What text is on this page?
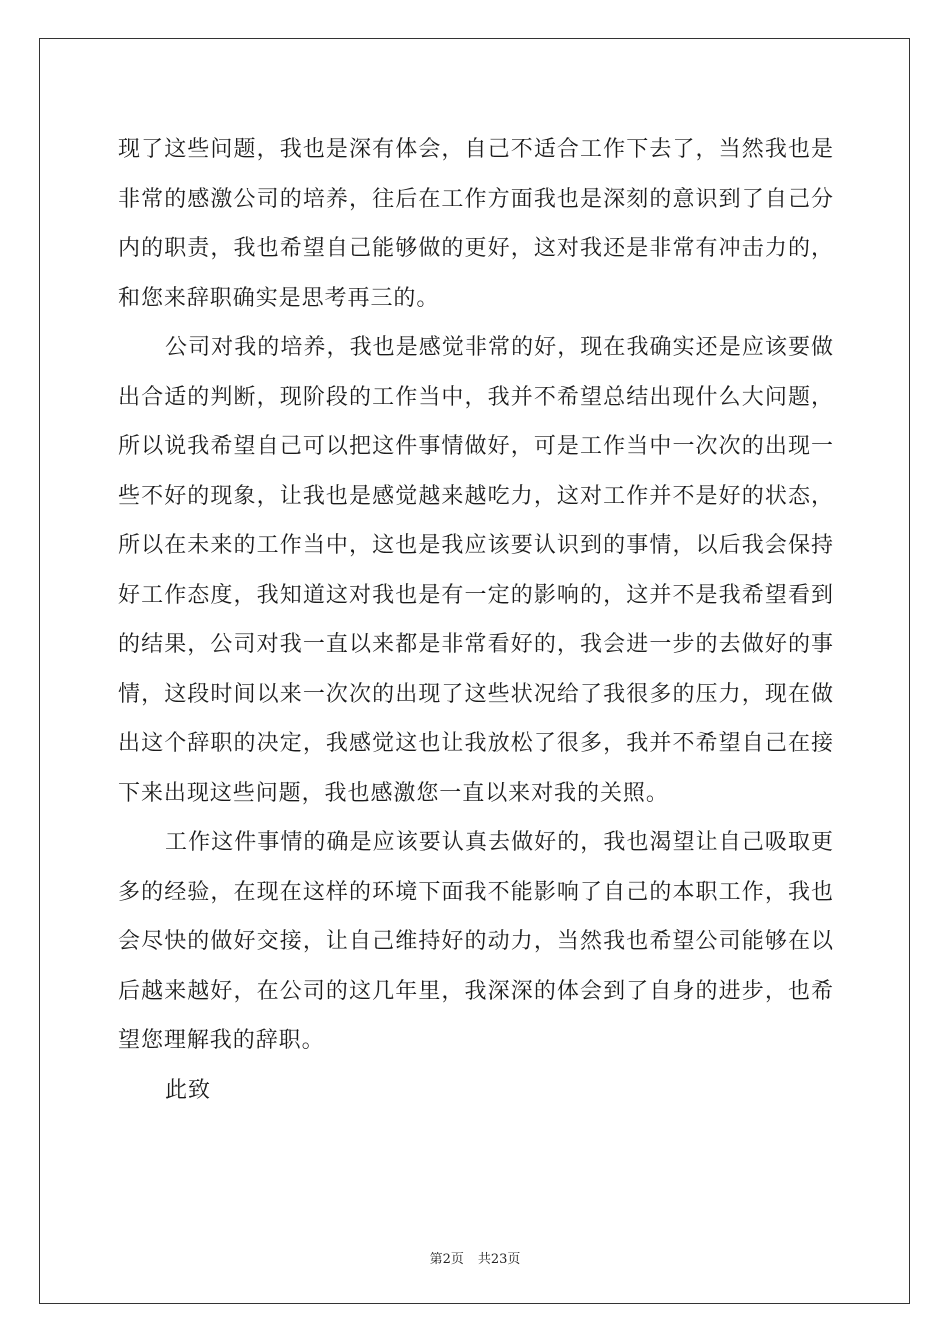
现了这些问题，我也是深有体会，自己不适合工作下去了，当然我也是非常的感激公司的培养，往后在工作方面我也是深刻的意识到了自己分内的职责，我也希望自己能够做的更好，这对我还是非常有冲击力的，和您来辞职确实是思考再三的。

公司对我的培养，我也是感觉非常的好，现在我确实还是应该要做出合适的判断，现阶段的工作当中，我并不希望总结出现什么大问题，所以说我希望自己可以把这件事情做好，可是工作当中一次次的出现一些不好的现象，让我也是感觉越来越吃力，这对工作并不是好的状态，所以在未来的工作当中，这也是我应该要认识到的事情，以后我会保持好工作态度，我知道这对我也是有一定的影响的，这并不是我希望看到的结果，公司对我一直以来都是非常看好的，我会进一步的去做好的事情，这段时间以来一次次的出现了这些状况给了我很多的压力，现在做出这个辞职的决定，我感觉这也让我放松了很多，我并不希望自己在接下来出现这些问题，我也感激您一直以来对我的关照。

工作这件事情的确是应该要认真去做好的，我也渴望让自己吸取更多的经验，在现在这样的环境下面我不能影响了自己的本职工作，我也会尽快的做好交接，让自己维持好的动力，当然我也希望公司能够在以后越来越好，在公司的这几年里，我深深的体会到了自身的进步，也希望您理解我的辞职。

此致

第2页 共23页
